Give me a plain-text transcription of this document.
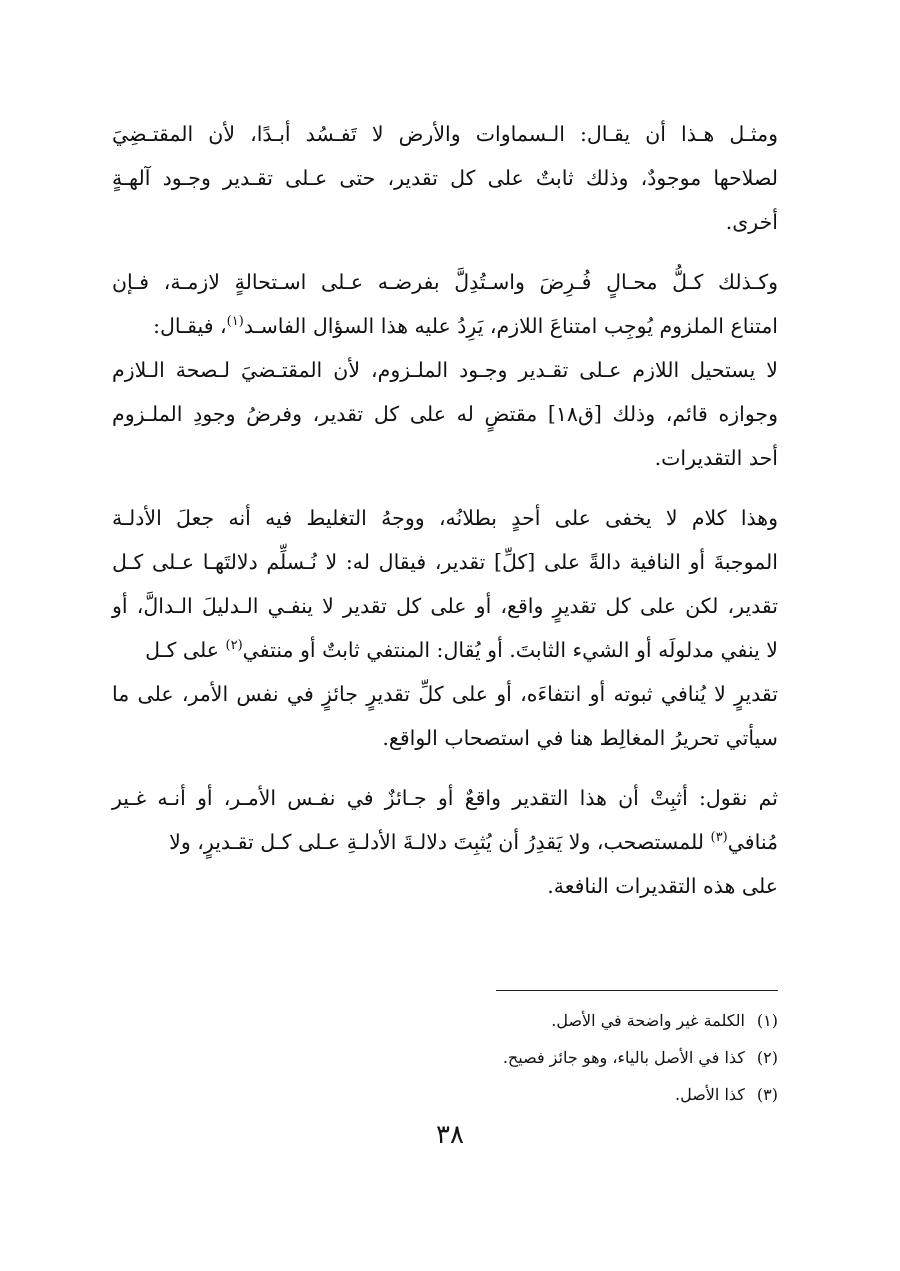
ومثـل هـذا أن يقـال: الـسماوات والأرض لا تَفـسُد أبـدًا، لأن المقتـضِيَ
لصلاحها موجودٌ، وذلك ثابتٌ على كل تقدير، حتى عـلى تقـدير وجـود آلهـةٍ
أخرى.

وكـذلك كـلُّ محـالٍ فُـرِضَ واسـتُدِلَّ بفرضـه عـلى اسـتحالةٍ لازمـة، فـإن
امتناع الملزوم يُوجِب امتناعَ اللازم، يَرِدُ عليه هذا السؤال الفاسـد$^{(١)}$، فيقـال:
لا يستحيل اللازم عـلى تقـدير وجـود الملـزوم، لأن المقتـضيَ لـصحة الـلازم
وجوازه قائم، وذلك [ق١٨] مقتضٍ له على كل تقدير، وفرضُ وجودِ الملـزوم
أحد التقديرات.

وهذا كلام لا يخفى على أحدٍ بطلانُه، ووجهُ التغليط فيه أنه جعلَ الأدلـة
الموجبةَ أو النافية دالةً على [كلِّ] تقدير، فيقال له: لا نُـسلِّم دلالتَهـا عـلى كـل
تقدير، لكن على كل تقديرٍ واقع، أو على كل تقدير لا ينفـي الـدليلَ الـدالَّ، أو
لا ينفي مدلولَه أو الشيء الثابتَ. أو يُقال: المنتفي ثابتٌ أو منتفي$^{(٢)}$ على كـل
تقديرٍ لا يُنافي ثبوته أو انتفاءَه، أو على كلِّ تقديرٍ جائزٍ في نفس الأمر، على ما
سيأتي تحريرُ المغالِط هنا في استصحاب الواقع.

ثم نقول: أثبِتْ أن هذا التقدير واقعٌ أو جـائزٌ في نفـس الأمـر، أو أنـه غـير
مُنافي$^{(٣)}$ للمستصحب، ولا يَقدِرُ أن يُثبِتَ دلالـةَ الأدلـةِ عـلى كـل تقـديرٍ، ولا
على هذه التقديرات النافعة.

(١)الكلمة غير واضحة في الأصل.
(٢)كذا في الأصل بالياء، وهو جائز فصيح.
(٣)كذا الأصل.
٣٨
